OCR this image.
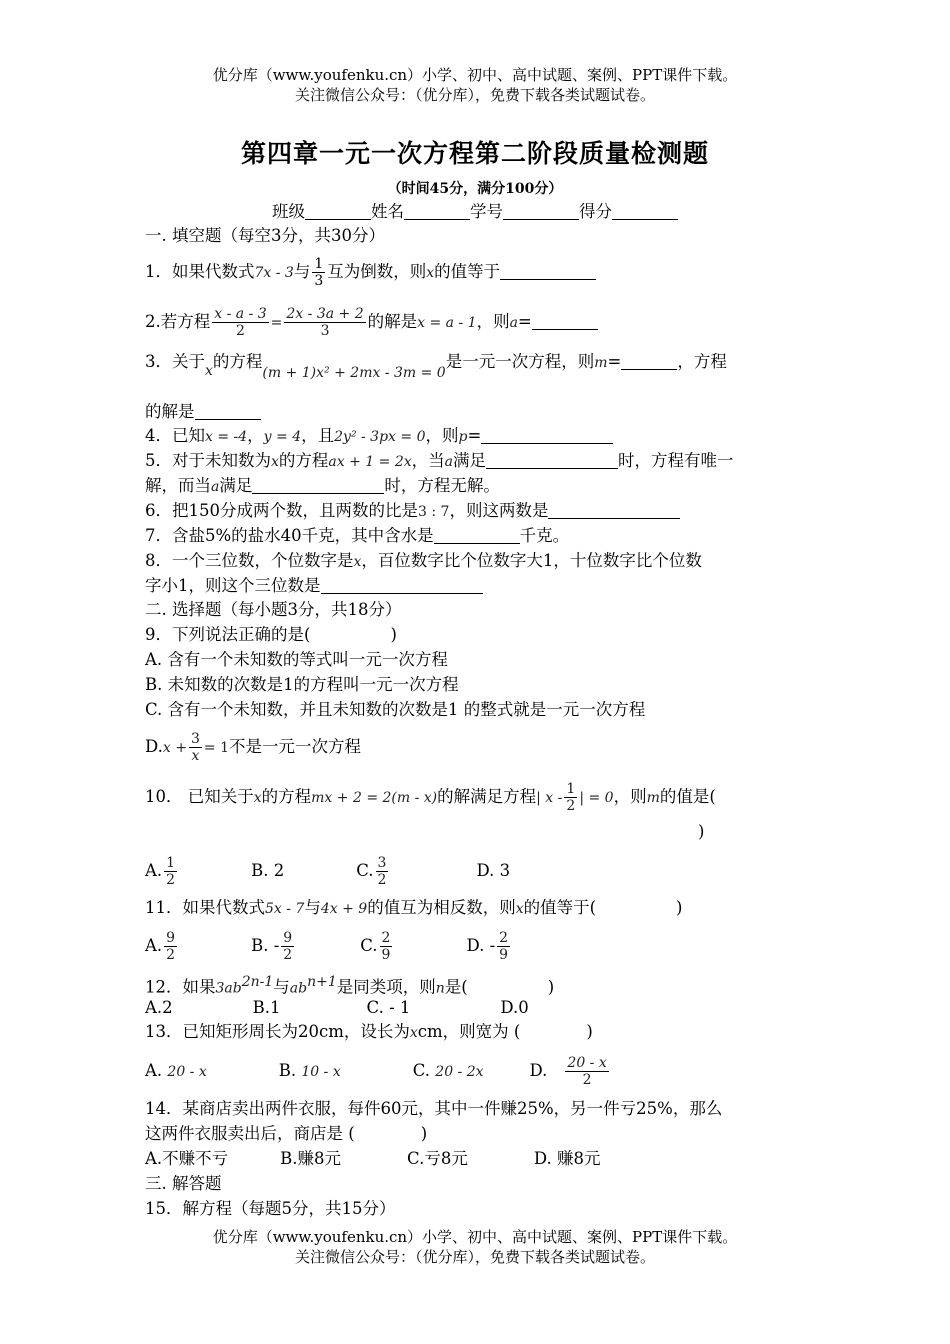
优分库（www.youfenku.cn）小学、初中、高中试题、案例、PPT课件下载。
关注微信公众号：（优分库），免费下载各类试题试卷。
第四章一元一次方程第二阶段质量检测题
（时间45分，满分100分）
班级	姓名	学号	得分
一. 填空题（每空3分，共30分）
1．如果代数式7x - 3与 $\frac{1}{3}$ 互为倒数，则x的值等于
2.若方程 $\frac{x - a - 3}{2} = \frac{2x - 3a + 2}{3}$ 的解是x = a - 1，则a=
3．关于$_x$的方程$_{(m + 1)x^2 + 2mx - 3m = 0}$是一元一次方程，则m=	，方程
的解是
4．已知x = -4，y = 4，且2y² - 3px = 0，则p=
5．对于未知数为x的方程ax + 1 = 2x，当a满足	时，方程有唯一
解，而当a满足	时，方程无解。
6．把150分成两个数，且两数的比是3 : 7，则这两数是
7．含盐5%的盐水40千克，其中含水是	千克。
8．一个三位数，个位数字是x，百位数字比个位数字大1，十位数字比个位数
字小1，则这个三位数是
二. 选择题（每小题3分，共18分）
9．下列说法正确的是(	)
A. 含有一个未知数的等式叫一元一次方程
B. 未知数的次数是1的方程叫一元一次方程
C. 含有一个未知数，并且未知数的次数是1 的整式就是一元一次方程
$D.x + \frac{3}{x} = 1$不是一元一次方程
10． 已知关于x的方程mx + 2 = 2(m - x)的解满足方程| x - $\frac{1}{2}$ | = 0，则m的值是(
)
A. $\frac{1}{2}$	B. 2	C. $\frac{3}{2}$	D. 3
11．如果代数式5x - 7与4x + 9的值互为相反数，则x的值等于(	)
A. $\frac{9}{2}$	B. - $\frac{9}{2}$	C. $\frac{2}{9}$	D. - $\frac{2}{9}$
12．如果$3ab^{2n-1}$与$ab^{n+1}$是同类项，则n是(	)
A.2	B.1	C. - 1	D.0
13．已知矩形周长为20cm，设长为xcm，则宽为 (	)
A. 20 - x	B. 10 - x	C. 20 - 2x	D. $\frac{20 - x}{2}$
14．某商店卖出两件衣服，每件60元，其中一件赚25%，另一件亏25%，那么
这两件衣服卖出后，商店是 (	)
A.不赚不亏	B.赚8元	C.亏8元	D. 赚8元
三. 解答题
15．解方程（每题5分，共15分）
优分库（www.youfenku.cn）小学、初中、高中试题、案例、PPT课件下载。
关注微信公众号：（优分库），免费下载各类试题试卷。
